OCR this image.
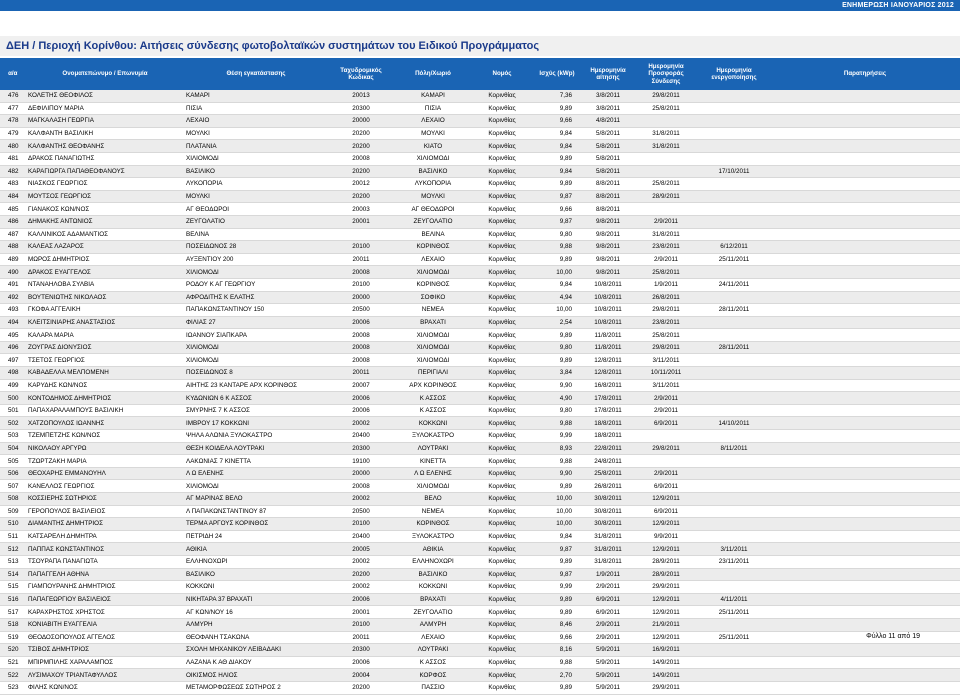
ΕΝΗΜΕΡΩΣΗ ΙΑΝΟΥΑΡΙΟΣ 2012
ΔΕΗ / Περιοχή Κορίνθου: Αιτήσεις σύνδεσης φωτοβολταϊκών συστημάτων του Ειδικού Προγράμματος
α/α	Ονοματεπώνυμο / Επωνυμία	Θέση εγκατάστασης	Ταχυδρομικός Κώδικας	Πόλη/Χωριό	Νομός	Ισχύς (kWp)	Ημερομηνία αίτησης	Ημερομηνία Προσφοράς Σύνδεσης	Ημερομηνία ενεργοποίησης	Παρατηρήσεις
476	ΚΟΛΕΤΗΣ ΘΕΟΦΙΛΟΣ	ΚΑΜΑΡΙ	20013	ΚΑΜΑΡΙ	Κορινθίας	7,36	3/8/2011	29/8/2011		
477	ΔΕΦΙΛΙΠΟΥ ΜΑΡΙΑ	ΠΙΣΙΑ	20300	ΠΙΣΙΑ	Κορινθίας	9,89	3/8/2011	25/8/2011		
478	ΜΑΓΚΑΛΑΣΗ ΓΕΩΡΓΙΑ	ΛΕΧΑΙΟ	20000	ΛΕΧΑΙΟ	Κορινθίας	9,66	4/8/2011			
479	ΚΑΛΦΑΝΤΗ ΒΑΣΙΛΙΚΗ	ΜΟΥΛΚΙ	20200	ΜΟΥΛΚΙ	Κορινθίας	9,84	5/8/2011	31/8/2011		
480	ΚΑΛΦΑΝΤΗΣ ΘΕΟΦΑΝΗΣ	ΠΛΑΤΑΝΙΑ	20200	ΚΙΑΤΟ	Κορινθίας	9,84	5/8/2011	31/8/2011		
481	ΔΡΑΚΟΣ ΠΑΝΑΓΙΩΤΗΣ	ΧΙΛΙΟΜΟΔΙ	20008	ΧΙΛΙΟΜΟΔΙ	Κορινθίας	9,89	5/8/2011			
482	ΚΑΡΑΓΙΩΡΓΑ ΠΑΠΑΘΕΟΦΑΝΟΥΣ	ΒΑΣΙΛΙΚΟ	20200	ΒΑΣΙΛΙΚΟ	Κορινθίας	9,84	5/8/2011		17/10/2011	
483	ΝΙΑΣΚΟΣ ΓΕΩΡΓΙΟΣ	ΛΥΚΟΠΟΡΙΑ	20012	ΛΥΚΟΠΟΡΙΑ	Κορινθίας	9,89	8/8/2011	25/8/2011		
484	ΜΟΥΤΣΟΣ ΓΕΩΡΓΙΟΣ	ΜΟΥΛΚΙ	20200	ΜΟΥΛΚΙ	Κορινθίας	9,87	8/8/2011	28/9/2011		
485	ΓΙΑΝΑΚΟΣ ΚΩΝ/ΝΟΣ	ΑΓ ΘΕΟΔΩΡΟΙ	20003	ΑΓ ΘΕΟΔΩΡΟΙ	Κορινθίας	9,66	8/8/2011			
486	ΔΗΜΑΚΗΣ ΑΝΤΩΝΙΟΣ	ΖΕΥΓΟΛΑΤΙΟ	20001	ΖΕΥΓΟΛΑΤΙΟ	Κορινθίας	9,87	9/8/2011	2/9/2011		
487	ΚΑΛΛΙΝΙΚΟΣ ΑΔΑΜΑΝΤΙΟΣ	ΒΕΛΙΝΑ		ΒΕΛΙΝΑ	Κορινθίας	9,80	9/8/2011	31/8/2011		
488	ΚΑΛΕΑΣ ΛΑΖΑΡΟΣ	ΠΟΣΕΙΔΩΝΟΣ 28	20100	ΚΟΡΙΝΘΟΣ	Κορινθίας	9,88	9/8/2011	23/8/2011	6/12/2011	
489	ΜΩΡΟΣ ΔΗΜΗΤΡΙΟΣ	ΑΥΞΕΝΤΙΟΥ 200	20011	ΛΕΧΑΙΟ	Κορινθίας	9,89	9/8/2011	2/9/2011	25/11/2011	
490	ΔΡΑΚΟΣ ΕΥΑΓΓΕΛΟΣ	ΧΙΛΙΟΜΟΔΙ	20008	ΧΙΛΙΟΜΟΔΙ	Κορινθίας	10,00	9/8/2011	25/8/2011		
491	ΝΤΑΝΑΗΛΟΒΑ ΣΥΛΒΙΑ	ΡΟΔΟΥ Κ ΑΓ ΓΕΩΡΓΙΟΥ	20100	ΚΟΡΙΝΘΟΣ	Κορινθίας	9,84	10/8/2011	1/9/2011	24/11/2011	
492	ΒΟΥΤΕΝΙΩΤΗΣ ΝΙΚΟΛΑΟΣ	ΑΦΡΟΔΙΤΗΣ Κ ΕΛΑΤΗΣ	20000	ΣΟΦΙΚΟ	Κορινθίας	4,94	10/8/2011	26/8/2011		
493	ΓΚΟΦΑ ΑΓΓΕΛΙΚΗ	ΠΑΠΑΚΩΝΣΤΑΝΤΙΝΟΥ 150	20500	ΝΕΜΕΑ	Κορινθίας	10,00	10/8/2011	29/8/2011	28/11/2011	
494	ΚΛΕΙΤΣΙΝΙΑΡΗΣ ΑΝΑΣΤΑΣΙΟΣ	ΦΙΛΙΑΣ 27	20006	ΒΡΑΧΑΤΙ	Κορινθίας	2,54	10/8/2011	23/8/2011		
495	ΚΑΛΑΡΑ ΜΑΡΙΑ	ΙΩΑΝΝΟΥ ΣΙΑΠΚΑΡΑ	20008	ΧΙΛΙΟΜΟΔΙ	Κορινθίας	9,89	11/8/2011	25/8/2011		
496	ΖΟΥΓΡΑΣ ΔΙΟΝΥΣΙΟΣ	ΧΙΛΙΟΜΟΔΙ	20008	ΧΙΛΙΟΜΟΔΙ	Κορινθίας	9,80	11/8/2011	29/8/2011	28/11/2011	
497	ΤΣΕΤΟΣ ΓΕΩΡΓΙΟΣ	ΧΙΛΙΟΜΟΔΙ	20008	ΧΙΛΙΟΜΟΔΙ	Κορινθίας	9,89	12/8/2011	3/11/2011		
498	ΚΑΒΑΔΕΛΛΑ ΜΕΛΠΟΜΕΝΗ	ΠΟΣΕΙΔΩΝΟΣ 8	20011	ΠΕΡΙΓΙΑΛΙ	Κορινθίας	3,84	12/8/2011	10/11/2011		
499	ΚΑΡΥΔΗΣ ΚΩΝ/ΝΟΣ	ΑΙΗΤΗΣ 23 ΚΑΝΤΑΡΕ ΑΡΧ ΚΟΡΙΝΘΟΣ	20007	ΑΡΧ ΚΟΡΙΝΘΟΣ	Κορινθίας	9,90	16/8/2011	3/11/2011		
500	ΚΟΝΤΟΔΗΜΟΣ ΔΗΜΗΤΡΙΟΣ	ΚΥΔΩΝΙΩΝ 6 Κ ΑΣΣΟΣ	20006	Κ ΑΣΣΟΣ	Κορινθίας	4,90	17/8/2011	2/9/2011		
501	ΠΑΠΑΧΑΡΑΛΑΜΠΟΥΣ ΒΑΣΙΛΙΚΗ	ΣΜΥΡΝΗΣ 7 Κ ΑΣΣΟΣ	20006	Κ ΑΣΣΟΣ	Κορινθίας	9,80	17/8/2011	2/9/2011		
502	ΧΑΤΖΟΠΟΥΛΟΣ ΙΩΑΝΝΗΣ	ΙΜΒΡΟΥ 17 ΚΟΚΚΩΝΙ	20002	ΚΟΚΚΩΝΙ	Κορινθίας	9,88	18/8/2011	6/9/2011	14/10/2011	
503	ΤΖΕΜΠΕΤΖΗΣ ΚΩΝ/ΝΟΣ	ΨΗΛΑ ΑΛΩΝΙΑ ΞΥΛΟΚΑΣΤΡΟ	20400	ΞΥΛΟΚΑΣΤΡΟ	Κορινθίας	9,99	18/8/2011			
504	ΝΙΚΟΛΑΟΥ ΑΡΓΥΡΩ	ΘΕΣΗ ΚΟΙΔΕΛΑ ΛΟΥΤΡΑΚΙ	20300	ΛΟΥΤΡΑΚΙ	Κορινθίας	8,93	22/8/2011	29/8/2011	8/11/2011	
505	ΤΖΩΡΤΖΑΚΗ ΜΑΡΙΑ	ΛΑΚΩΝΙΑΣ 7 ΚΙΝΕΤΤΑ	19100	ΚΙΝΕΤΤΑ	Κορινθίας	9,88	24/8/2011			
506	ΘΕΟΧΑΡΗΣ ΕΜΜΑΝΟΥΗΛ	Λ Ω ΕΛΕΝΗΣ	20000	Λ Ω ΕΛΕΝΗΣ	Κορινθίας	9,90	25/8/2011	2/9/2011		
507	ΚΑΝΕΛΛΟΣ ΓΕΩΡΓΙΟΣ	ΧΙΛΙΟΜΟΔΙ	20008	ΧΙΛΙΟΜΟΔΙ	Κορινθίας	9,89	26/8/2011	6/9/2011		
508	ΚΟΣΣΙΕΡΗΣ ΣΩΤΗΡΙΟΣ	ΑΓ ΜΑΡΙΝΑΣ ΒΕΛΟ	20002	ΒΕΛΟ	Κορινθίας	10,00	30/8/2011	12/9/2011		
509	ΓΕΡΟΠΟΥΛΟΣ ΒΑΣΙΛΕΙΟΣ	Λ ΠΑΠΑΚΩΝΣΤΑΝΤΙΝΟΥ 87	20500	ΝΕΜΕΑ	Κορινθίας	10,00	30/8/2011	6/9/2011		
510	ΔΙΑΜΑΝΤΗΣ ΔΗΜΗΤΡΙΟΣ	ΤΕΡΜΑ ΑΡΓΟΥΣ ΚΟΡΙΝΘΟΣ	20100	ΚΟΡΙΝΘΟΣ	Κορινθίας	10,00	30/8/2011	12/9/2011		
511	ΚΑΤΣΑΡΕΛΗ ΔΗΜΗΤΡΑ	ΠΕΤΡΙΔΗ 24	20400	ΞΥΛΟΚΑΣΤΡΟ	Κορινθίας	9,84	31/8/2011	9/9/2011		
512	ΠΑΠΠΑΣ ΚΩΝΣΤΑΝΤΙΝΟΣ	ΑΘΙΚΙΑ	20005	ΑΘΙΚΙΑ	Κορινθίας	9,87	31/8/2011	12/9/2011	3/11/2011	
513	ΤΣΟΥΡΑΠΑ ΠΑΝΑΓΙΩΤΑ	ΕΛΛΗΝΟΧΩΡΙ	20002	ΕΛΛΗΝΟΧΩΡΙ	Κορινθίας	9,89	31/8/2011	28/9/2011	23/11/2011	
514	ΠΑΠΑΓΓΕΛΗ ΑΘΗΝΑ	ΒΑΣΙΛΙΚΟ	20200	ΒΑΣΙΛΙΚΟ	Κορινθίας	9,87	1/9/2011	28/9/2011		
515	ΓΙΑΜΠΟΥΡΑΝΗΣ ΔΗΜΗΤΡΙΟΣ	ΚΟΚΚΩΝΙ	20002	ΚΟΚΚΩΝΙ	Κορινθίας	9,99	2/9/2011	29/9/2011		
516	ΠΑΠΑΓΕΩΡΓΙΟΥ ΒΑΣΙΛΕΙΟΣ	ΝΙΚΗΤΑΡΑ 37 ΒΡΑΧΑΤΙ	20006	ΒΡΑΧΑΤΙ	Κορινθίας	9,89	6/9/2011	12/9/2011	4/11/2011	
517	ΚΑΡΑΧΡΗΣΤΟΣ ΧΡΗΣΤΟΣ	ΑΓ ΚΩΝ/ΝΟΥ 16	20001	ΖΕΥΓΟΛΑΤΙΟ	Κορινθίας	9,89	6/9/2011	12/9/2011	25/11/2011	
518	ΚΟΝΙΑΒΙΤΗ ΕΥΑΓΓΕΛΙΑ	ΑΛΜΥΡΗ	20100	ΑΛΜΥΡΗ	Κορινθίας	8,46	2/9/2011	21/9/2011		
519	ΘΕΟΔΟΣΟΠΟΥΛΟΣ ΑΓΓΕΛΟΣ	ΘΕΟΦΑΝΗ ΤΣΑΚΩΝΑ	20011	ΛΕΧΑΙΟ	Κορινθίας	9,66	2/9/2011	12/9/2011	25/11/2011	
520	ΤΣΙΒΟΣ ΔΗΜΗΤΡΙΟΣ	ΣΧΟΛΗ ΜΗΧΑΝΙΚΟΥ ΛΕΙΒΑΔΑΚΙ	20300	ΛΟΥΤΡΑΚΙ	Κορινθίας	8,16	5/9/2011	16/9/2011		
521	ΜΠΙΡΜΠΙΛΗΣ ΧΑΡΑΛΑΜΠΟΣ	ΛΑΖΑΝΑ Κ ΑΘ ΔΙΑΚΟΥ	20006	Κ ΑΣΣΟΣ	Κορινθίας	9,88	5/9/2011	14/9/2011		
522	ΛΥΣΙΜΑΧΟΥ ΤΡΙΑΝΤΑΦΥΛΛΟΣ	ΟΙΚΙΣΜΟΣ ΗΛΙΟΣ	20004	ΚΟΡΦΟΣ	Κορινθίας	2,70	5/9/2011	14/9/2011		
523	ΦΙΛΗΣ ΚΩΝ/ΝΟΣ	ΜΕΤΑΜΟΡΦΩΣΕΩΣ ΣΩΤΗΡΟΣ 2	20200	ΠΑΣΣΙΟ	Κορινθίας	9,89	5/9/2011	29/9/2011		
Φύλλο 11 από 19
